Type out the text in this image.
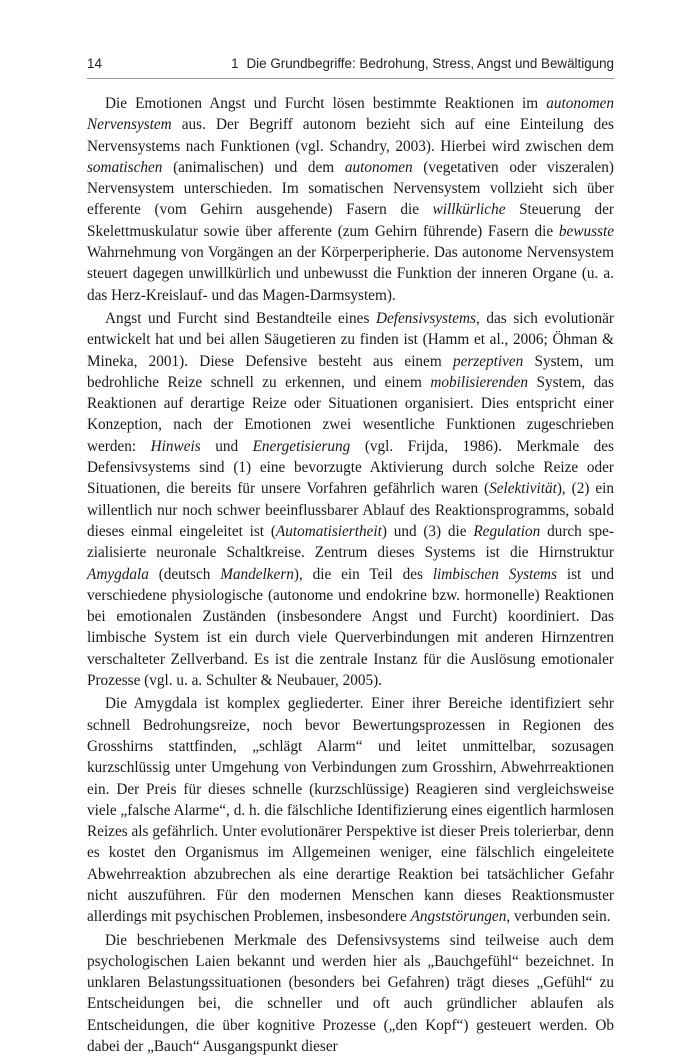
14	1 Die Grundbegriffe: Bedrohung, Stress, Angst und Bewältigung

Die Emotionen Angst und Furcht lösen bestimmte Reaktionen im autonomen Nervensystem aus. Der Begriff autonom bezieht sich auf eine Einteilung des Nervensystems nach Funktionen (vgl. Schandry, 2003). Hierbei wird zwischen dem somatischen (animalischen) und dem autonomen (vegetativen oder viszeralen) Nervensystem unterschieden. Im somatischen Nervensystem vollzieht sich über efferente (vom Gehirn ausgehende) Fasern die willkürliche Steuerung der Skelettmuskulatur sowie über afferente (zum Gehirn führende) Fasern die bewusste Wahrnehmung von Vorgängen an der Körperperipherie. Das autonome Nervensystem steuert dagegen unwillkürlich und unbewusst die Funktion der inneren Organe (u. a. das Herz-Kreislauf- und das Magen-Darmsystem).

Angst und Furcht sind Bestandteile eines Defensivsystems, das sich evolutionär entwickelt hat und bei allen Säugetieren zu finden ist (Hamm et al., 2006; Öhman & Mineka, 2001). Diese Defensive besteht aus einem perzeptiven System, um bedrohliche Reize schnell zu erkennen, und einem mobilisierenden System, das Reaktionen auf derartige Reize oder Situationen organisiert. Dies entspricht einer Konzeption, nach der Emotionen zwei wesentliche Funktionen zugeschrieben werden: Hinweis und Energetisierung (vgl. Frijda, 1986). Merkmale des Defensivsystems sind (1) eine bevorzugte Aktivierung durch solche Reize oder Situationen, die bereits für unsere Vorfahren gefährlich waren (Selektivität), (2) ein willentlich nur noch schwer beeinflussbarer Ablauf des Reaktionsprogramms, sobald dieses einmal eingeleitet ist (Automatisiertheit) und (3) die Regulation durch spezialisierte neuronale Schaltkreise. Zentrum dieses Systems ist die Hirnstruktur Amygdala (deutsch Mandelkern), die ein Teil des limbischen Systems ist und verschiedene physiologische (autonome und endokrine bzw. hormonelle) Reaktionen bei emotionalen Zuständen (insbesondere Angst und Furcht) koordiniert. Das limbische System ist ein durch viele Querverbindungen mit anderen Hirnzentren verschalteter Zellverband. Es ist die zentrale Instanz für die Auslösung emotionaler Prozesse (vgl. u. a. Schulter & Neubauer, 2005).

Die Amygdala ist komplex gegliederter. Einer ihrer Bereiche identifiziert sehr schnell Bedrohungsreize, noch bevor Bewertungsprozessen in Regionen des Grosshirns stattfinden, „schlägt Alarm“ und leitet unmittelbar, sozusagen kurzschlüssig unter Umgehung von Verbindungen zum Grosshirn, Abwehrreaktionen ein. Der Preis für dieses schnelle (kurzschlüssige) Reagieren sind vergleichsweise viele „falsche Alarme“, d. h. die fälschliche Identifizierung eines eigentlich harmlosen Reizes als gefährlich. Unter evolutionärer Perspektive ist dieser Preis tolerierbar, denn es kostet den Organismus im Allgemeinen weniger, eine fälschlich eingeleitete Abwehrreaktion abzubrechen als eine derartige Reaktion bei tatsächlicher Gefahr nicht auszuführen. Für den modernen Menschen kann dieses Reaktionsmuster allerdings mit psychischen Problemen, insbesondere Angststörungen, verbunden sein.

Die beschriebenen Merkmale des Defensivsystems sind teilweise auch dem psychologischen Laien bekannt und werden hier als „Bauchgefühl“ bezeichnet. In unklaren Belastungssituationen (besonders bei Gefahren) trägt dieses „Gefühl“ zu Entscheidungen bei, die schneller und oft auch gründlicher ablaufen als Entscheidungen, die über kognitive Prozesse („den Kopf“) gesteuert werden. Ob dabei der „Bauch“ Ausgangspunkt dieser
